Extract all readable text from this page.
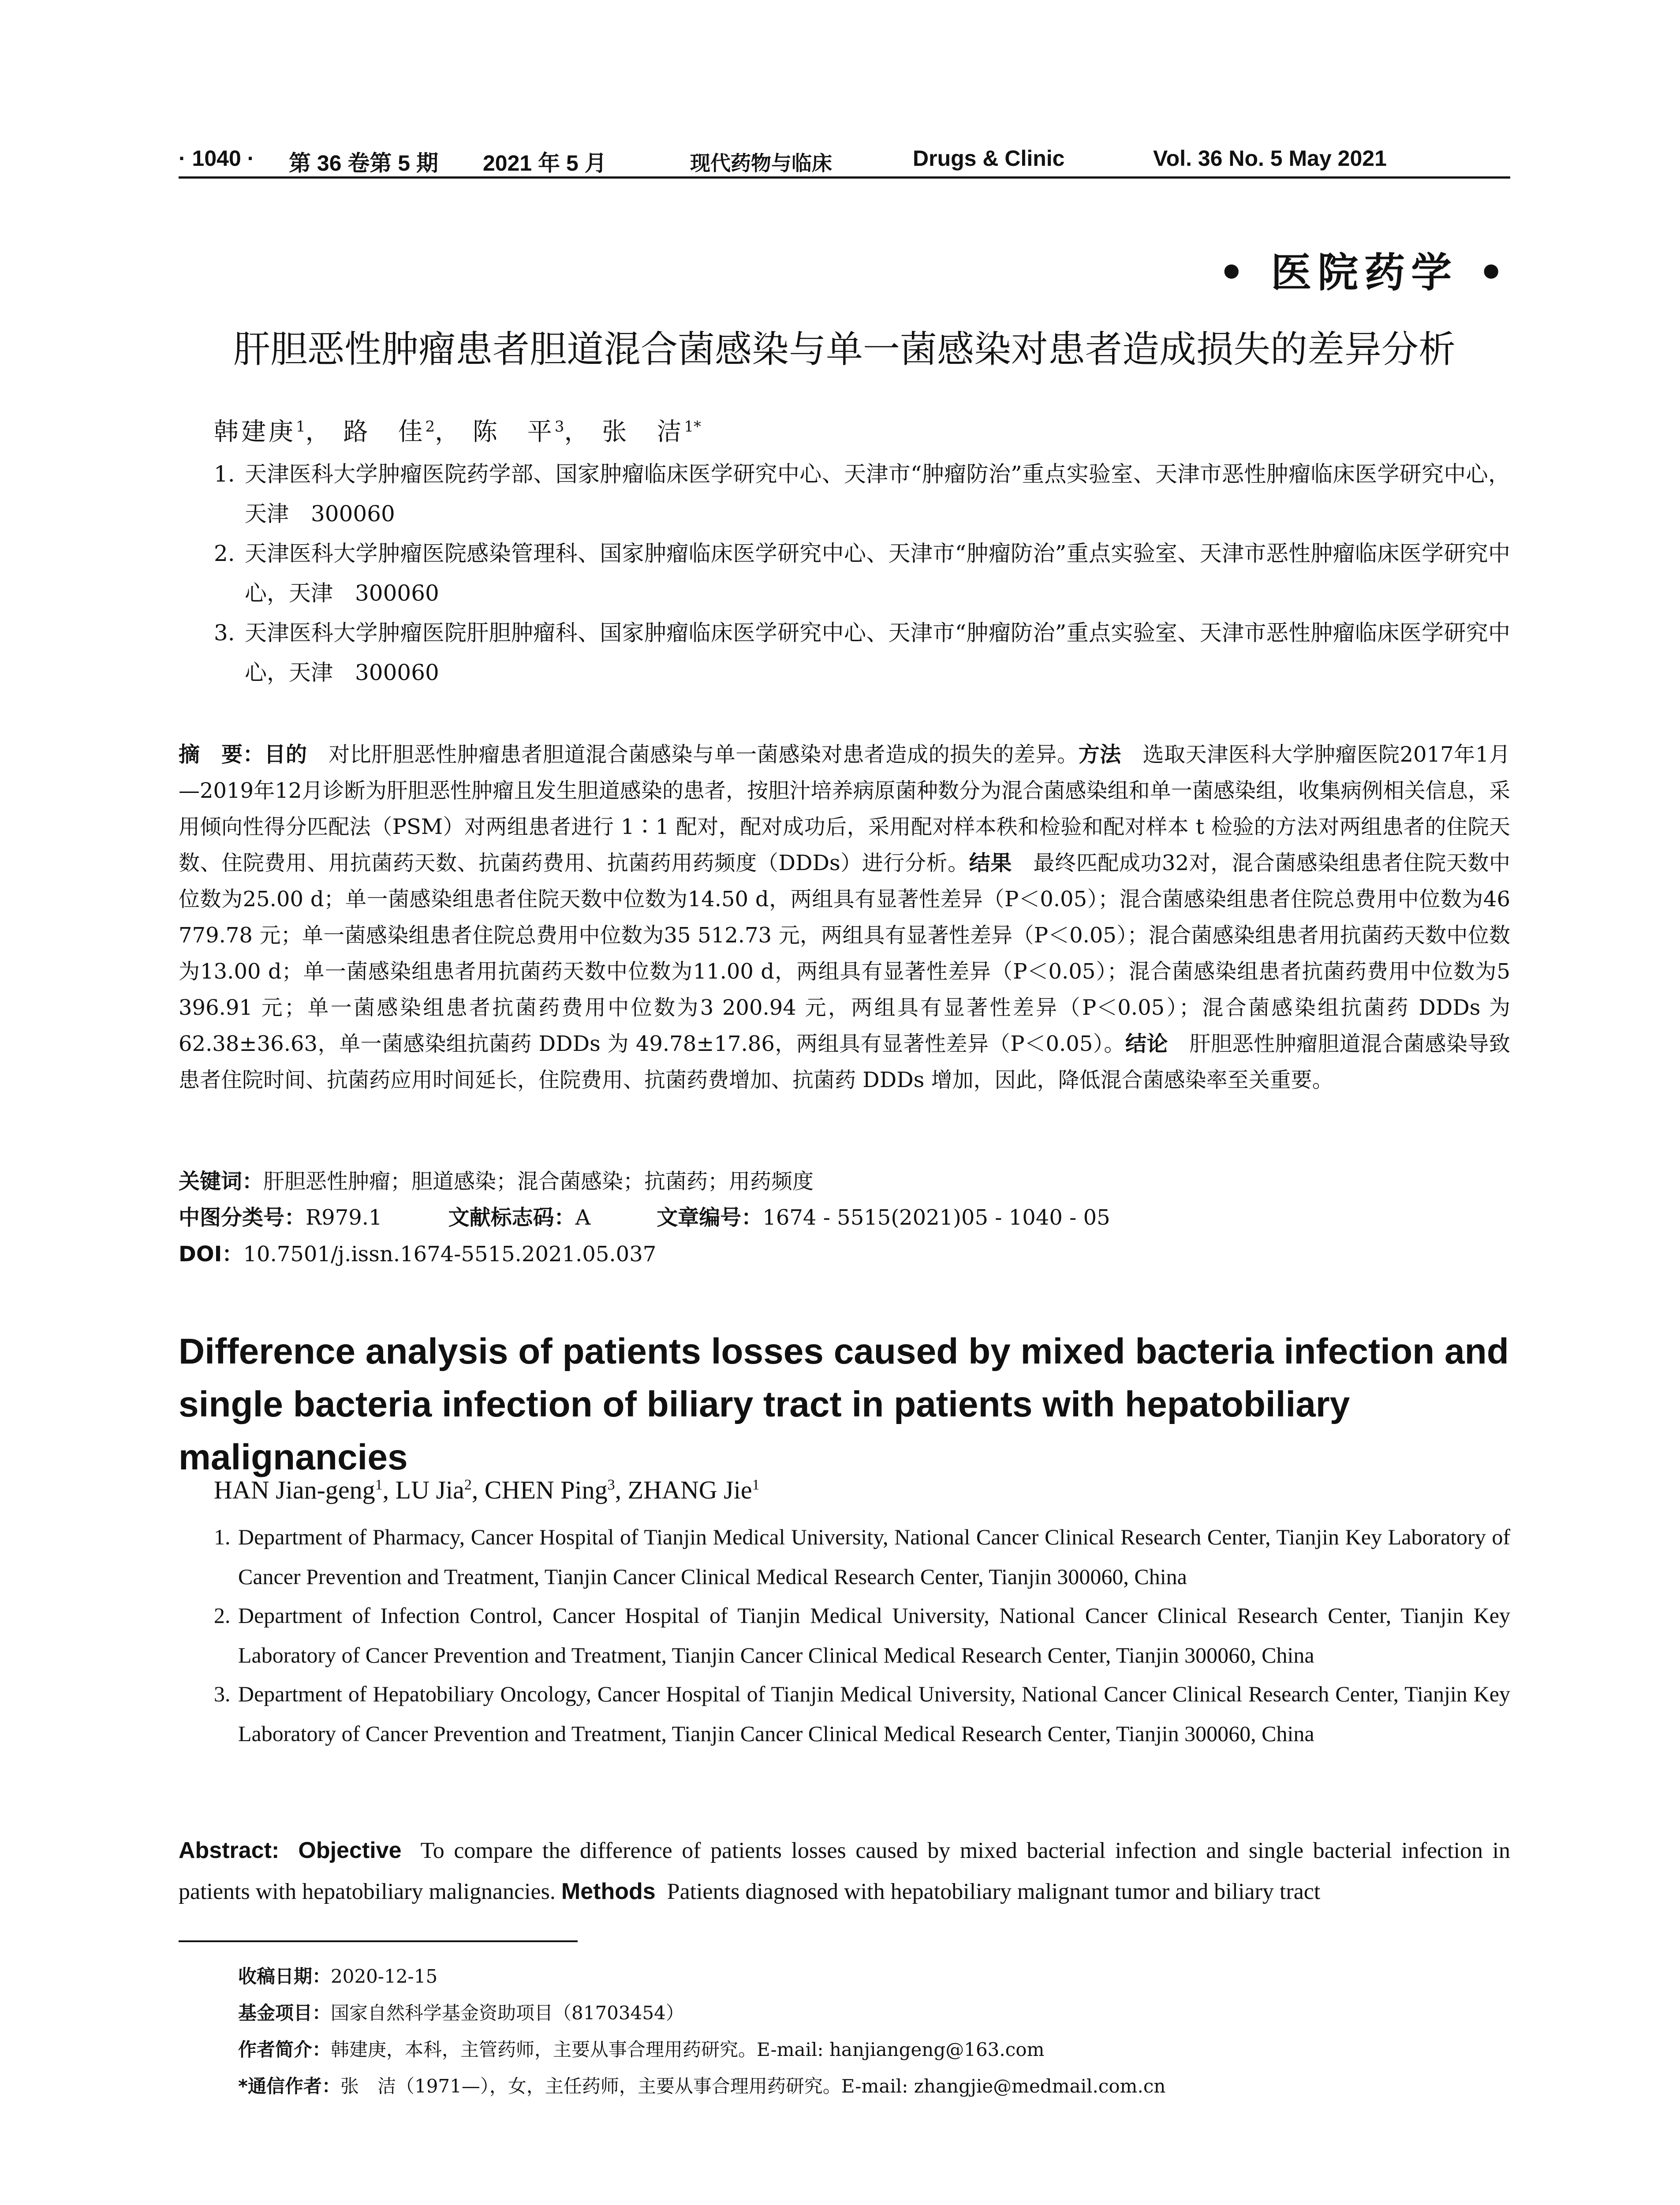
· 1040 · 第 36 卷第 5 期 2021 年 5 月	现代药物与临床	Drugs & Clinic	Vol. 36 No. 5 May 2021
• 医院药学 •
肝胆恶性肿瘤患者胆道混合菌感染与单一菌感染对患者造成损失的差异分析
韩建庚$^1$， 路　佳$^2$， 陈　平$^3$， 张　洁$^{1*}$
1. 天津医科大学肿瘤医院药学部、国家肿瘤临床医学研究中心、天津市“肿瘤防治”重点实验室、天津市恶性肿瘤临床医学研究中心，天津　300060
2. 天津医科大学肿瘤医院感染管理科、国家肿瘤临床医学研究中心、天津市“肿瘤防治”重点实验室、天津市恶性肿瘤临床医学研究中心，天津　300060
3. 天津医科大学肿瘤医院肝胆肿瘤科、国家肿瘤临床医学研究中心、天津市“肿瘤防治”重点实验室、天津市恶性肿瘤临床医学研究中心，天津　300060
摘　要：目的　 对比肝胆恶性肿瘤患者胆道混合菌感染与单一菌感染对患者造成的损失的差异。方法　 选取天津医科大学肿瘤医院2017年1月—2019年12月诊断为肝胆恶性肿瘤且发生胆道感染的患者，按胆汁培养病原菌种数分为混合菌感染组和单一菌感染组，收集病例相关信息，采用倾向性得分匹配法（PSM）对两组患者进行 1∶1 配对，配对成功后，采用配对样本秩和检验和配对样本 t 检验的方法对两组患者的住院天数、住院费用、用抗菌药天数、抗菌药费用、抗菌药用药频度（DDDs）进行分析。结果　 最终匹配成功32对，混合菌感染组患者住院天数中位数为25.00 d；单一菌感染组患者住院天数中位数为14.50 d，两组具有显著性差异（P＜0.05）；混合菌感染组患者住院总费用中位数为46 779.78 元；单一菌感染组患者住院总费用中位数为35 512.73 元，两组具有显著性差异（P＜0.05）；混合菌感染组患者用抗菌药天数中位数为13.00 d；单一菌感染组患者用抗菌药天数中位数为11.00 d，两组具有显著性差异（P＜0.05）；混合菌感染组患者抗菌药费用中位数为5 396.91 元；单一菌感染组患者抗菌药费用中位数为3 200.94 元，两组具有显著性差异（P＜0.05）；混合菌感染组抗菌药 DDDs 为 62.38±36.63，单一菌感染组抗菌药 DDDs 为 49.78±17.86，两组具有显著性差异（P＜0.05）。结论　 肝胆恶性肿瘤胆道混合菌感染导致患者住院时间、抗菌药应用时间延长，住院费用、抗菌药费增加、抗菌药 DDDs 增加，因此，降低混合菌感染率至关重要。
关键词：肝胆恶性肿瘤；胆道感染；混合菌感染；抗菌药；用药频度
中图分类号：R979.1	文献标志码：A	文章编号：1674 - 5515(2021)05 - 1040 - 05
DOI：10.7501/j.issn.1674-5515.2021.05.037
Difference analysis of patients losses caused by mixed bacteria infection and single bacteria infection of biliary tract in patients with hepatobiliary malignancies
HAN Jian-geng$^1$, LU Jia$^2$, CHEN Ping$^3$, ZHANG Jie$^1$
1. Department of Pharmacy, Cancer Hospital of Tianjin Medical University, National Cancer Clinical Research Center, Tianjin Key Laboratory of Cancer Prevention and Treatment, Tianjin Cancer Clinical Medical Research Center, Tianjin 300060, China
2. Department of Infection Control, Cancer Hospital of Tianjin Medical University, National Cancer Clinical Research Center, Tianjin Key Laboratory of Cancer Prevention and Treatment, Tianjin Cancer Clinical Medical Research Center, Tianjin 300060, China
3. Department of Hepatobiliary Oncology, Cancer Hospital of Tianjin Medical University, National Cancer Clinical Research Center, Tianjin Key Laboratory of Cancer Prevention and Treatment, Tianjin Cancer Clinical Medical Research Center, Tianjin 300060, China
Abstract: Objective To compare the difference of patients losses caused by mixed bacterial infection and single bacterial infection in patients with hepatobiliary malignancies. Methods Patients diagnosed with hepatobiliary malignant tumor and biliary tract
收稿日期：2020-12-15
基金项目：国家自然科学基金资助项目（81703454）
作者简介：韩建庚，本科，主管药师，主要从事合理用药研究。E-mail: hanjiangeng@163.com
*通信作者：张　洁（1971—），女，主任药师，主要从事合理用药研究。E-mail: zhangjie@medmail.com.cn
